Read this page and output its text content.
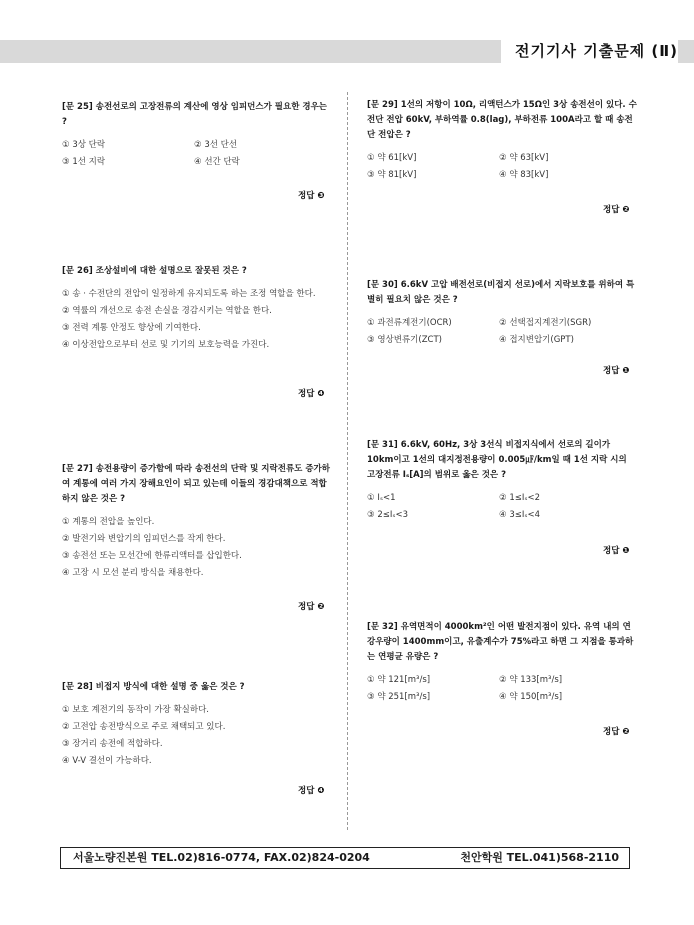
전기기사 기출문제 (Ⅱ)

[문 25] 송전선로의 고장전류의 계산에 영상 임피던스가 필요한 경우는 ?

① 3상 단락	② 3선 단선
③ 1선 지락	④ 선간 단락
정답 ❸

[문 26] 조상설비에 대한 설명으로 잘못된 것은 ?

① 송 · 수전단의 전압이 일정하게 유지되도록 하는 조정 역할을 한다.
② 역률의 개선으로 송전 손실을 경감시키는 역할을 한다.
③ 전력 계통 안정도 향상에 기여한다.
④ 이상전압으로부터 선로 및 기기의 보호능력을 가진다.
정답 ❹

[문 27] 송전용량이 증가함에 따라 송전선의 단락 및 지락전류도 증가하여 계통에 여러 가지 장해요인이 되고 있는데 이들의 경감대책으로 적합하지 않은 것은 ?

① 계통의 전압을 높인다.
② 발전기와 변압기의 임피던스를 작게 한다.
③ 송전선 또는 모선간에 한류리액터를 삽입한다.
④ 고장 시 모선 분리 방식을 채용한다.
정답 ❷

[문 28] 비접지 방식에 대한 설명 중 옳은 것은 ?

① 보호 계전기의 동작이 가장 확실하다.
② 고전압 송전방식으로 주로 채택되고 있다.
③ 장거리 송전에 적합하다.
④ V-V 결선이 가능하다.
정답 ❹

[문 29] 1선의 저항이 10Ω, 리액턴스가 15Ω인 3상 송전선이 있다. 수전단 전압 60kV, 부하역률 0.8(lag), 부하전류 100A라고 할 때 송전단 전압은 ?

① 약 61[kV]	② 약 63[kV]
③ 약 81[kV]	④ 약 83[kV]
정답 ❷

[문 30] 6.6kV 고압 배전선로(비접지 선로)에서 지락보호를 위하여 특별히 필요치 않은 것은 ?

① 과전류계전기(OCR)	② 선택접지계전기(SGR)
③ 영상변류기(ZCT)	④ 접지변압기(GPT)
정답 ❶

[문 31] 6.6kV, 60Hz, 3상 3선식 비접지식에서 선로의 길이가 10km이고 1선의 대지정전용량이 0.005㎌/km일 때 1선 지락 시의 고장전류 Iₛ[A]의 범위로 옳은 것은 ?

① Iₛ<1	② 1≤Iₛ<2
③ 2≤Iₛ<3	④ 3≤Iₛ<4
정답 ❶

[문 32] 유역면적이 4000km²인 어떤 발전지점이 있다. 유역 내의 연강우량이 1400mm이고, 유출계수가 75%라고 하면 그 지점을 통과하는 연평균 유량은 ?

① 약 121[m³/s]	② 약 133[m³/s]
③ 약 251[m³/s]	④ 약 150[m³/s]
정답 ❷
서울노량진본원 TEL.02)816-0774, FAX.02)824-0204	천안학원 TEL.041)568-2110
